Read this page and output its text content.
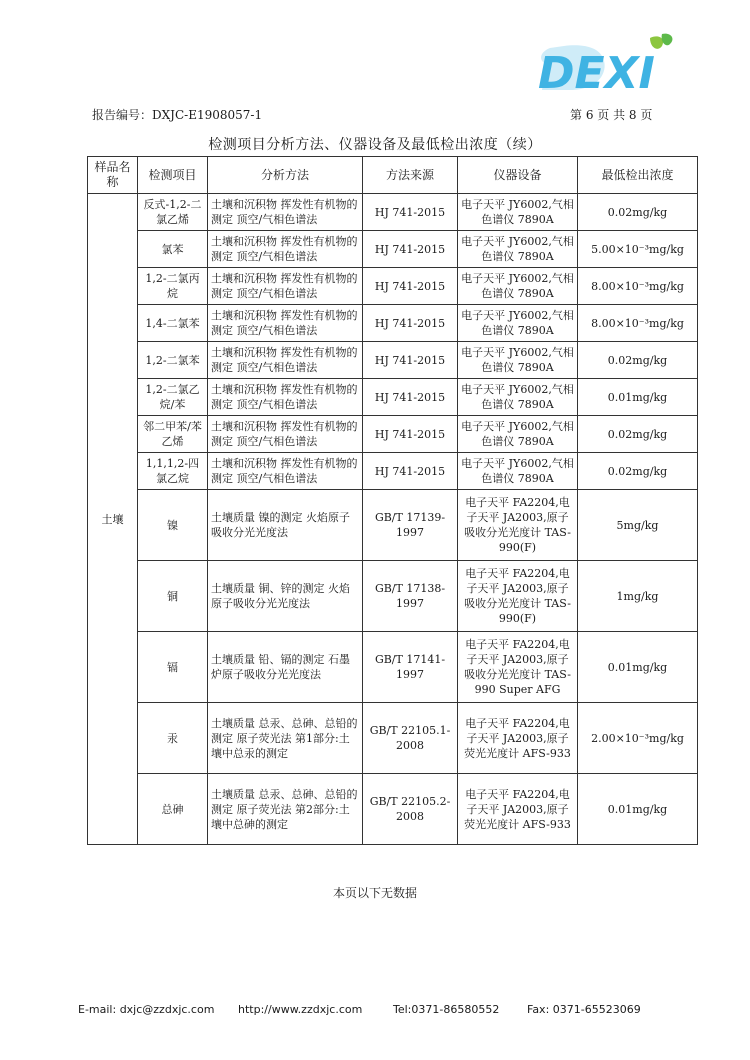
DEXI
报告编号：DXJC-E1908057-1	第 6 页 共 8 页
检测项目分析方法、仪器设备及最低检出浓度（续）
样品名称	检测项目	分析方法	方法来源	仪器设备	最低检出浓度
土壤	反式-1,2-二氯乙烯	土壤和沉积物 挥发性有机物的测定 顶空/气相色谱法	HJ 741-2015	电子天平 JY6002,气相色谱仪 7890A	0.02mg/kg
	氯苯	土壤和沉积物 挥发性有机物的测定 顶空/气相色谱法	HJ 741-2015	电子天平 JY6002,气相色谱仪 7890A	5.00×10⁻³mg/kg
	1,2-二氯丙烷	土壤和沉积物 挥发性有机物的测定 顶空/气相色谱法	HJ 741-2015	电子天平 JY6002,气相色谱仪 7890A	8.00×10⁻³mg/kg
	1,4-二氯苯	土壤和沉积物 挥发性有机物的测定 顶空/气相色谱法	HJ 741-2015	电子天平 JY6002,气相色谱仪 7890A	8.00×10⁻³mg/kg
	1,2-二氯苯	土壤和沉积物 挥发性有机物的测定 顶空/气相色谱法	HJ 741-2015	电子天平 JY6002,气相色谱仪 7890A	0.02mg/kg
	1,2-二氯乙烷/苯	土壤和沉积物 挥发性有机物的测定 顶空/气相色谱法	HJ 741-2015	电子天平 JY6002,气相色谱仪 7890A	0.01mg/kg
	邻二甲苯/苯乙烯	土壤和沉积物 挥发性有机物的测定 顶空/气相色谱法	HJ 741-2015	电子天平 JY6002,气相色谱仪 7890A	0.02mg/kg
	1,1,1,2-四氯乙烷	土壤和沉积物 挥发性有机物的测定 顶空/气相色谱法	HJ 741-2015	电子天平 JY6002,气相色谱仪 7890A	0.02mg/kg
	镍	土壤质量 镍的测定 火焰原子吸收分光光度法	GB/T 17139-1997	电子天平 FA2204,电子天平 JA2003,原子吸收分光光度计 TAS-990(F)	5mg/kg
	铜	土壤质量 铜、锌的测定 火焰原子吸收分光光度法	GB/T 17138-1997	电子天平 FA2204,电子天平 JA2003,原子吸收分光光度计 TAS-990(F)	1mg/kg
	镉	土壤质量 铅、镉的测定 石墨炉原子吸收分光光度法	GB/T 17141-1997	电子天平 FA2204,电子天平 JA2003,原子吸收分光光度计 TAS-990 Super AFG	0.01mg/kg
	汞	土壤质量 总汞、总砷、总铅的测定 原子荧光法 第1部分:土壤中总汞的测定	GB/T 22105.1-2008	电子天平 FA2204,电子天平 JA2003,原子荧光光度计 AFS-933	2.00×10⁻³mg/kg
	总砷	土壤质量 总汞、总砷、总铅的测定 原子荧光法 第2部分:土壤中总砷的测定	GB/T 22105.2-2008	电子天平 FA2204,电子天平 JA2003,原子荧光光度计 AFS-933	0.01mg/kg
本页以下无数据
E-mail: dxjc@zzdxjc.com http://www.zzdxjc.com	Tel:0371-86580552	Fax: 0371-65523069
